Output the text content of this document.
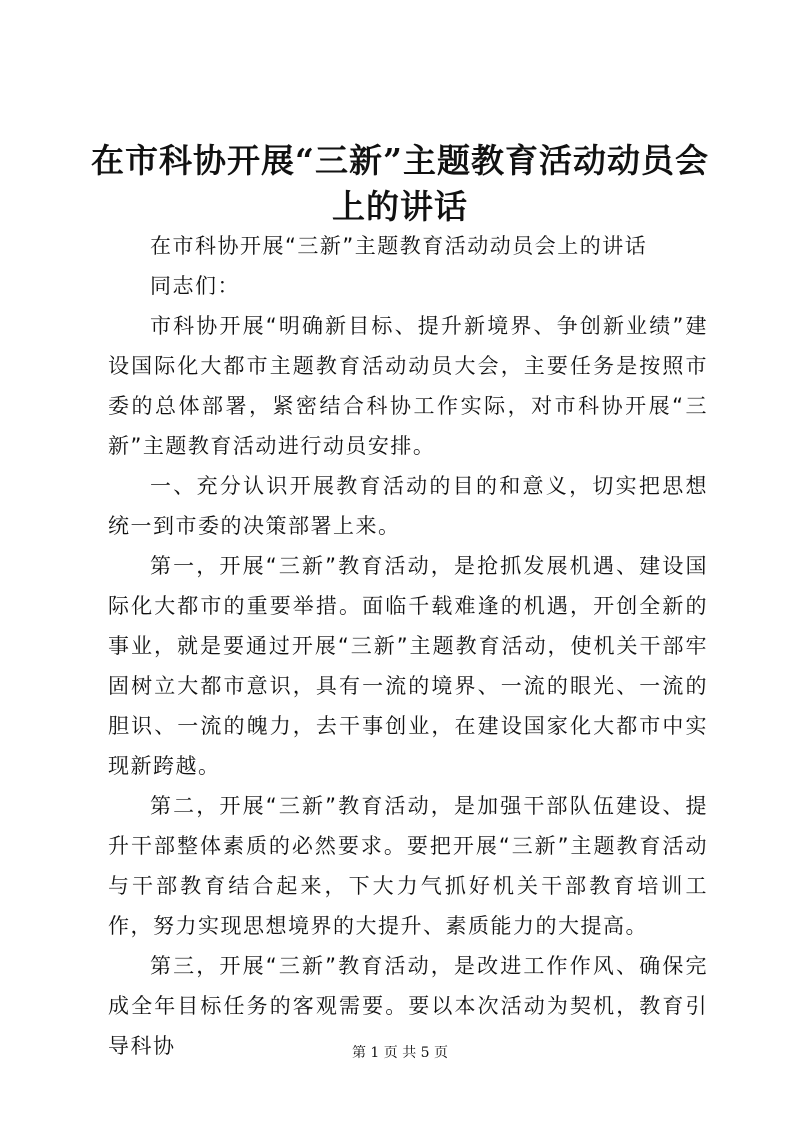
在市科协开展“三新”主题教育活动动员会上的讲话

在市科协开展“三新”主题教育活动动员会上的讲话

同志们：

市科协开展“明确新目标、提升新境界、争创新业绩”建设国际化大都市主题教育活动动员大会，主要任务是按照市委的总体部署，紧密结合科协工作实际，对市科协开展“三新”主题教育活动进行动员安排。

一、充分认识开展教育活动的目的和意义，切实把思想统一到市委的决策部署上来。

第一，开展“三新”教育活动，是抢抓发展机遇、建设国际化大都市的重要举措。面临千载难逢的机遇，开创全新的事业，就是要通过开展“三新”主题教育活动，使机关干部牢固树立大都市意识，具有一流的境界、一流的眼光、一流的胆识、一流的魄力，去干事创业，在建设国家化大都市中实现新跨越。

第二，开展“三新”教育活动，是加强干部队伍建设、提升干部整体素质的必然要求。要把开展“三新”主题教育活动与干部教育结合起来，下大力气抓好机关干部教育培训工作，努力实现思想境界的大提升、素质能力的大提高。

第三，开展“三新”教育活动，是改进工作作风、确保完成全年目标任务的客观需要。要以本次活动为契机，教育引导科协	第 1 页 共 5 页
